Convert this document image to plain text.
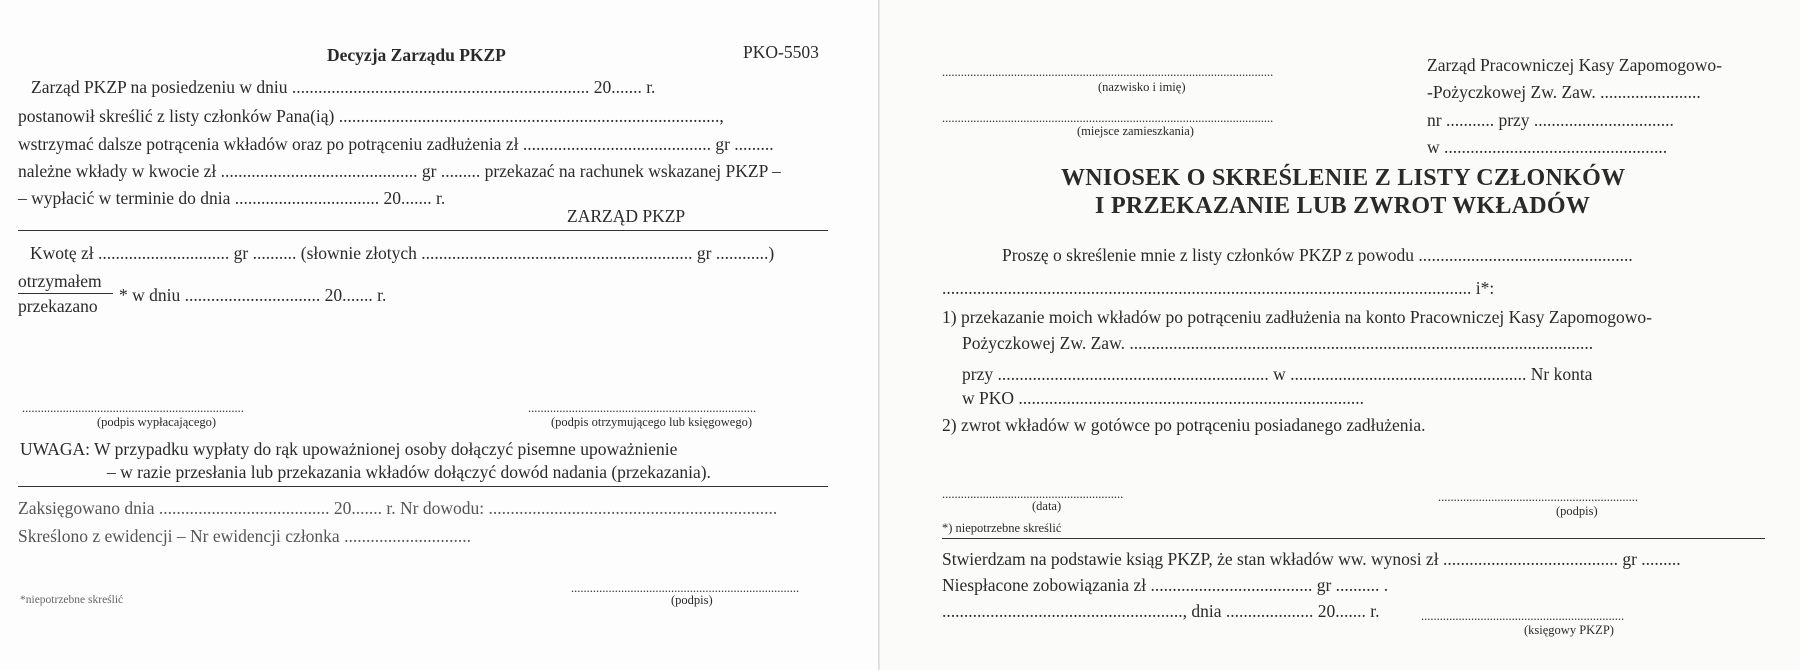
Decyzja Zarządu PKZP	PKO-5503
Zarząd PKZP na posiedzeniu w dniu .................................................................... 20....... r.
postanowił skreślić z listy członków Pana(ią) .......................................................................................,
wstrzymać dalsze potrącenia wkładów oraz po potrąceniu zadłużenia zł ........................................... gr .........
należne wkłady w kwocie zł ............................................. gr ......... przekazać na rachunek wskazanej PKZP –
– wypłacić w terminie do dnia ................................. 20....... r.
ZARZĄD PKZP
Kwotę zł .............................. gr .......... (słownie złotych .............................................................. gr ............)
otrzymałem
przekazano
* w dniu ............................... 20....... r.
.......................................................................
(podpis wypłacającego)
.........................................................................
(podpis otrzymującego lub księgowego)
UWAGA: W przypadku wypłaty do rąk upoważnionej osoby dołączyć pisemne upoważnienie
– w razie przesłania lub przekazania wkładów dołączyć dowód nadania (przekazania).
Zaksięgowano dnia ....................................... 20....... r. Nr dowodu: ..................................................................
Skreślono z ewidencji – Nr ewidencji członka .............................
*niepotrzebne skreślić
.........................................................................
(podpis)
..........................................................................................................
(nazwisko i imię)
..........................................................................................................
(miejsce zamieszkania)
Zarząd Pracowniczej Kasy Zapomogowo-
-Pożyczkowej Zw. Zaw. .......................
nr ........... przy ................................
w ...................................................
WNIOSEK O SKREŚLENIE Z LISTY CZŁONKÓW
I PRZEKAZANIE LUB ZWROT WKŁADÓW
Proszę o skreślenie mnie z listy członków PKZP z powodu .................................................
......................................................................................................................... i*:
1) przekazanie moich wkładów po potrąceniu zadłużenia na konto Pracowniczej Kasy Zapomogowo-
Pożyczkowej Zw. Zaw. ..........................................................................................................
przy .............................................................. w ...................................................... Nr konta
w PKO ...............................................................................
2) zwrot wkładów w gotówce po potrąceniu posiadanego zadłużenia.
..........................................................
(data)
................................................................
(podpis)
*) niepotrzebne skreślić
Stwierdzam na podstawie ksiąg PKZP, że stan wkładów ww. wynosi zł ........................................ gr .........
Niespłacone zobowiązania zł ..................................... gr .......... .
......................................................., dnia .................... 20....... r.	.................................................................
(księgowy PKZP)
